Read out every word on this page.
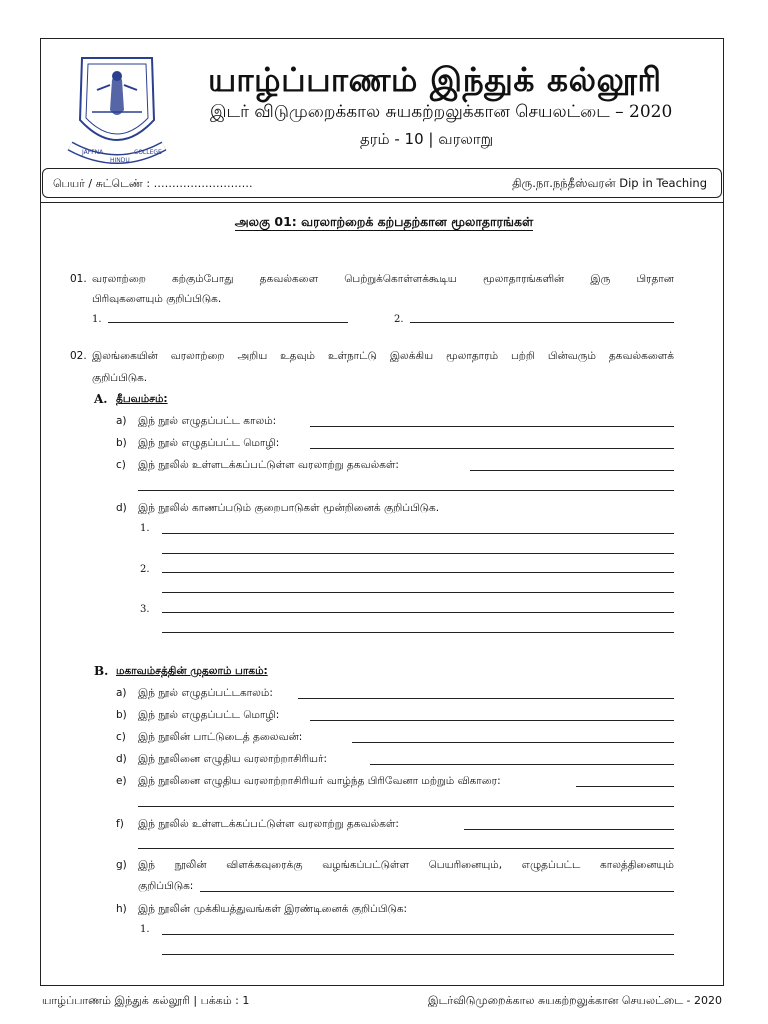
JAFFNA
HINDU
COLLEGE
யாழ்ப்பாணம் இந்துக் கல்லூரி
இடர் விடுமுறைக்கால சுயகற்றலுக்கான செயலட்டை – 2020
தரம் - 10 | வரலாறு
பெயர் / சுட்டெண் : ………………………	திரு.நா.நந்தீஸ்வரன் Dip in Teaching
அலகு 01: வரலாற்றைக் கற்பதற்கான மூலாதாரங்கள்
01. வரலாற்றை கற்கும்போது தகவல்களை பெற்றுக்கொள்ளக்கூடிய மூலாதாரங்களின் இரு பிரதான
பிரிவுகளையும் குறிப்பிடுக.
1.	2.
02. இலங்கையின் வரலாற்றை அறிய உதவும் உள்நாட்டு இலக்கிய மூலாதாரம் பற்றி பின்வரும் தகவல்களைக்
குறிப்பிடுக.
A. தீபவம்சம்:
a) இந் நூல் எழுதப்பட்ட காலம்:
b) இந் நூல் எழுதப்பட்ட மொழி:
c) இந் நூலில் உள்ளடக்கப்பட்டுள்ள வரலாற்று தகவல்கள்:
d) இந் நூலில் காணப்படும் குறைபாடுகள் மூன்றினைக் குறிப்பிடுக.
1.
2.
3.
B. மகாவம்சத்தின் முதலாம் பாகம்:
a) இந் நூல் எழுதப்பட்டகாலம்:
b) இந் நூல் எழுதப்பட்ட மொழி:
c) இந் நூலின் பாட்டுடைத் தலைவன்:
d) இந் நூலினை எழுதிய வரலாற்றாசிரியர்:
e) இந் நூலினை எழுதிய வரலாற்றாசிரியர் வாழ்ந்த பிரிவேனா மற்றும் விகாரை:
f) இந் நூலில் உள்ளடக்கப்பட்டுள்ள வரலாற்று தகவல்கள்:
g) இந் நூலின் விளக்கவுரைக்கு வழங்கப்பட்டுள்ள பெயரினையும், எழுதப்பட்ட காலத்தினையும்
குறிப்பிடுக:
h) இந் நூலின் முக்கியத்துவங்கள் இரண்டினைக் குறிப்பிடுக:
1.
யாழ்ப்பாணம் இந்துக் கல்லூரி | பக்கம் : 1	இடர்விடுமுறைக்கால சுயகற்றலுக்கான செயலட்டை - 2020
